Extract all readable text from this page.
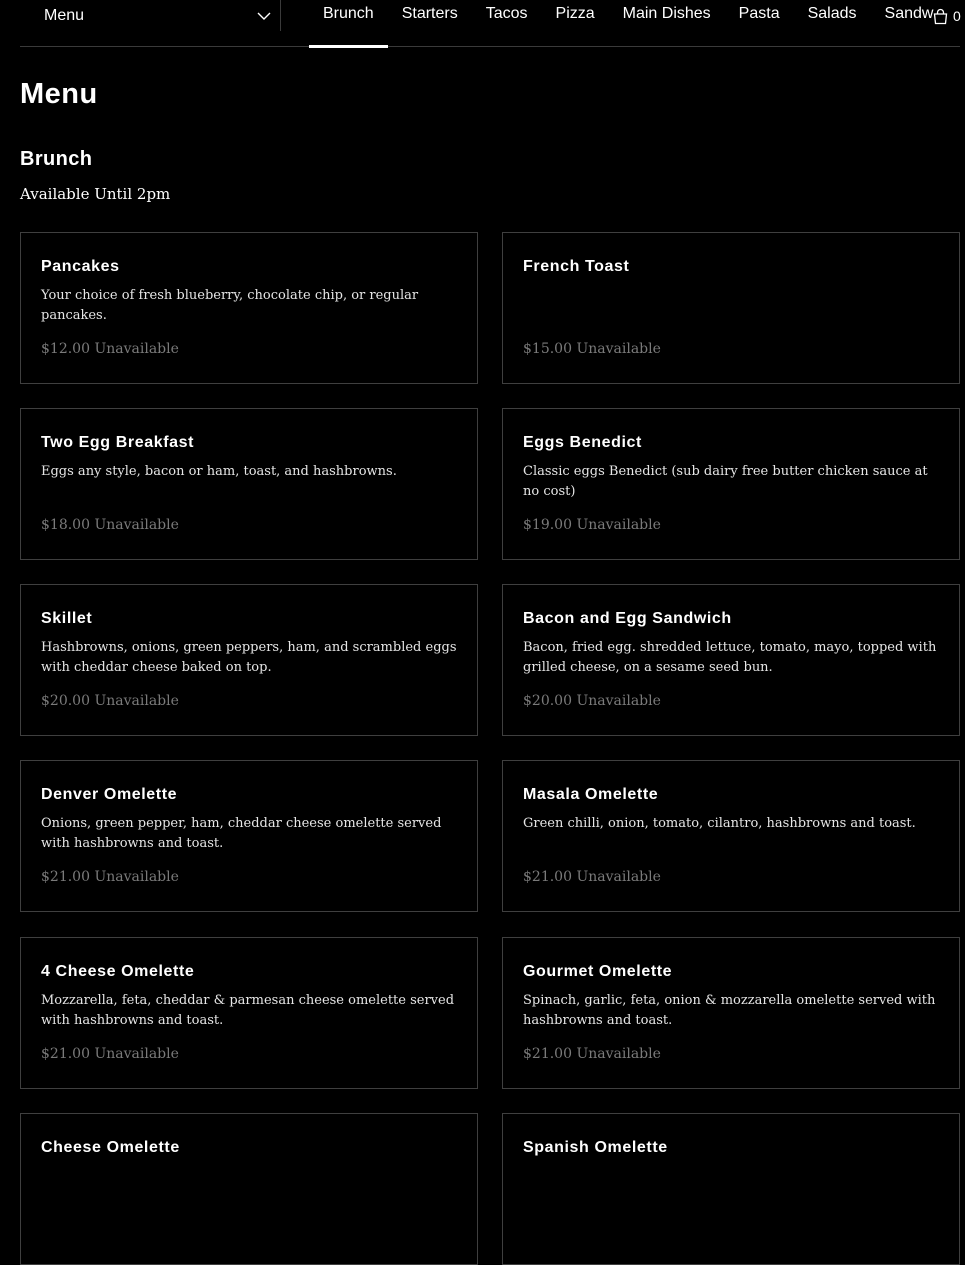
Menu	Brunch Starters Tacos Pizza Main Dishes Pasta Salads Sandw 0
Menu
Brunch
Available Until 2pm
Pancakes
Your choice of fresh blueberry, chocolate chip, or regular pancakes.
$12.00 Unavailable
French Toast
$15.00 Unavailable
Two Egg Breakfast
Eggs any style, bacon or ham, toast, and hashbrowns.
$18.00 Unavailable
Eggs Benedict
Classic eggs Benedict (sub dairy free butter chicken sauce at no cost)
$19.00 Unavailable
Skillet
Hashbrowns, onions, green peppers, ham, and scrambled eggs with cheddar cheese baked on top.
$20.00 Unavailable
Bacon and Egg Sandwich
Bacon, fried egg. shredded lettuce, tomato, mayo, topped with grilled cheese, on a sesame seed bun.
$20.00 Unavailable
Denver Omelette
Onions, green pepper, ham, cheddar cheese omelette served with hashbrowns and toast.
$21.00 Unavailable
Masala Omelette
Green chilli, onion, tomato, cilantro, hashbrowns and toast.
$21.00 Unavailable
4 Cheese Omelette
Mozzarella, feta, cheddar & parmesan cheese omelette served with hashbrowns and toast.
$21.00 Unavailable
Gourmet Omelette
Spinach, garlic, feta, onion & mozzarella omelette served with hashbrowns and toast.
$21.00 Unavailable
Cheese Omelette	Spanish Omelette
